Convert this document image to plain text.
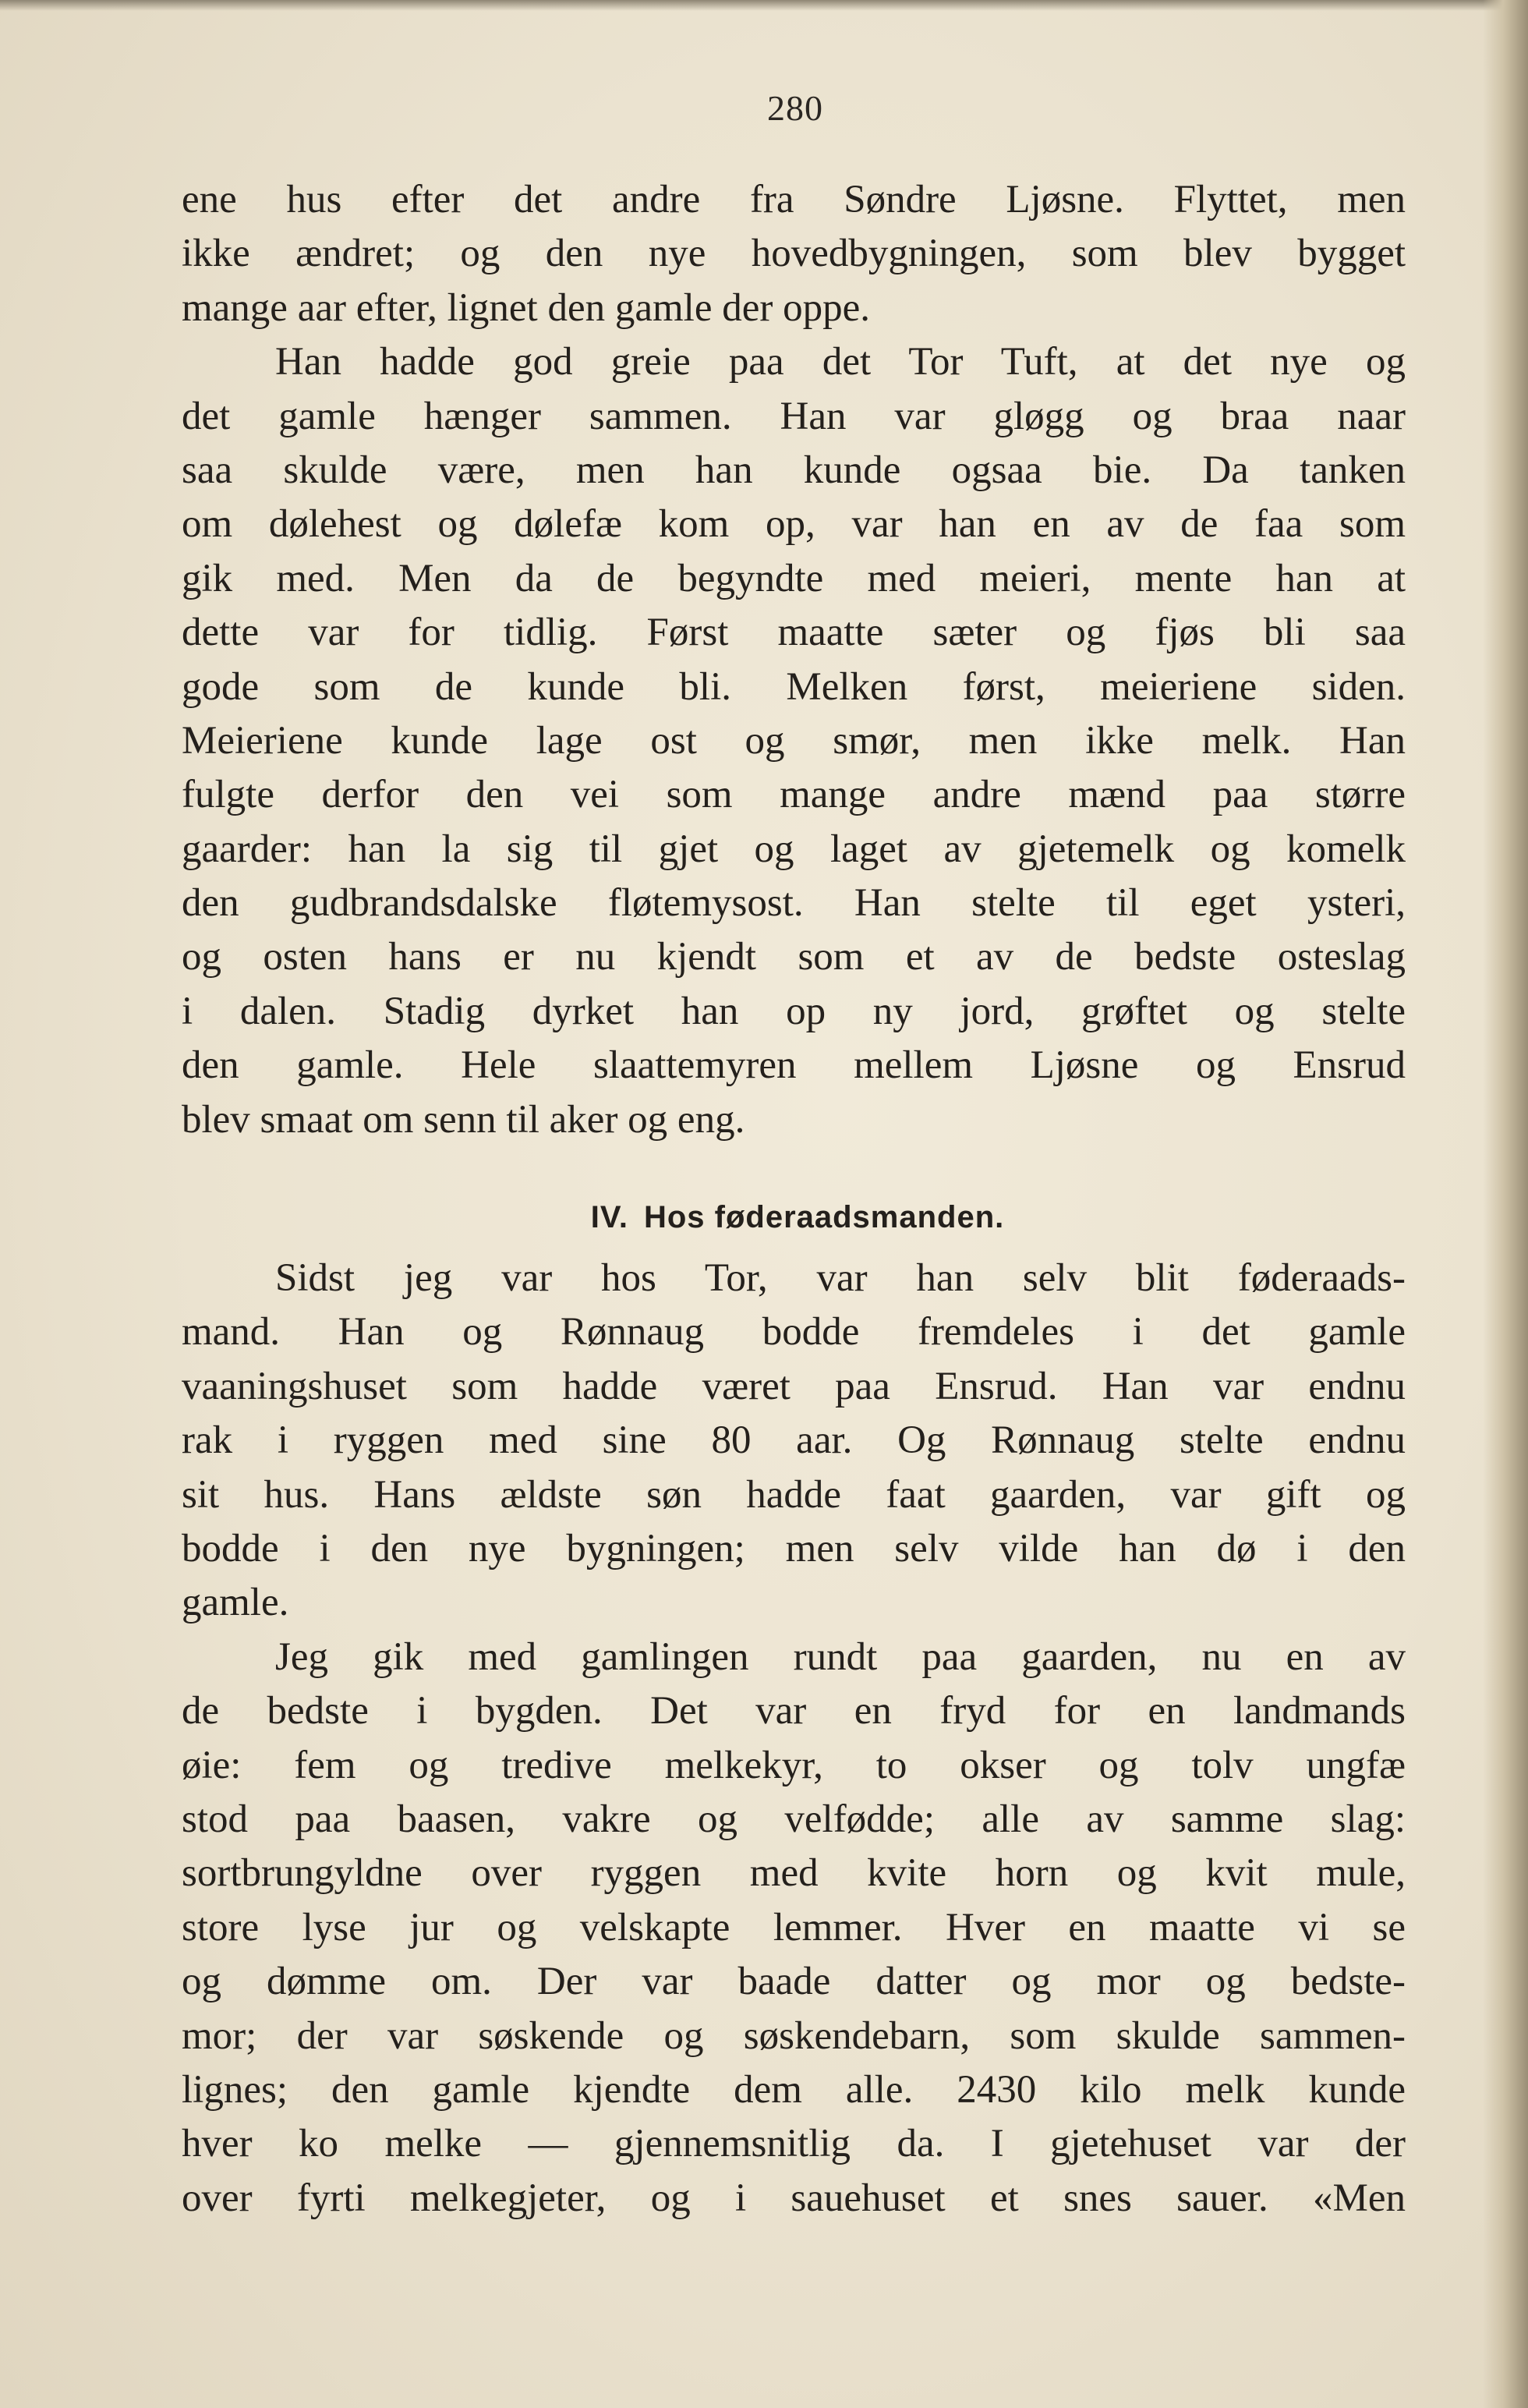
280
ene hus efter det andre fra Søndre Ljøsne. Flyttet, men
ikke ændret; og den nye hovedbygningen, som blev bygget
mange aar efter, lignet den gamle der oppe.
Han hadde god greie paa det Tor Tuft, at det nye og
det gamle hænger sammen. Han var gløgg og braa naar
saa skulde være, men han kunde ogsaa bie. Da tanken
om dølehest og dølefæ kom op, var han en av de faa som
gik med. Men da de begyndte med meieri, mente han at
dette var for tidlig. Først maatte sæter og fjøs bli saa
gode som de kunde bli. Melken først, meieriene siden.
Meieriene kunde lage ost og smør, men ikke melk. Han
fulgte derfor den vei som mange andre mænd paa større
gaarder: han la sig til gjet og laget av gjetemelk og komelk
den gudbrandsdalske fløtemysost. Han stelte til eget ysteri,
og osten hans er nu kjendt som et av de bedste osteslag
i dalen. Stadig dyrket han op ny jord, grøftet og stelte
den gamle. Hele slaattemyren mellem Ljøsne og Ensrud
blev smaat om senn til aker og eng.
IV. Hos føderaadsmanden.
Sidst jeg var hos Tor, var han selv blit føderaads-
mand. Han og Rønnaug bodde fremdeles i det gamle
vaaningshuset som hadde været paa Ensrud. Han var endnu
rak i ryggen med sine 80 aar. Og Rønnaug stelte endnu
sit hus. Hans ældste søn hadde faat gaarden, var gift og
bodde i den nye bygningen; men selv vilde han dø i den
gamle.
Jeg gik med gamlingen rundt paa gaarden, nu en av
de bedste i bygden. Det var en fryd for en landmands
øie: fem og tredive melkekyr, to okser og tolv ungfæ
stod paa baasen, vakre og velfødde; alle av samme slag:
sortbrungyldne over ryggen med kvite horn og kvit mule,
store lyse jur og velskapte lemmer. Hver en maatte vi se
og dømme om. Der var baade datter og mor og bedste-
mor; der var søskende og søskendebarn, som skulde sammen-
lignes; den gamle kjendte dem alle. 2430 kilo melk kunde
hver ko melke — gjennemsnitlig da. I gjetehuset var der
over fyrti melkegjeter, og i sauehuset et snes sauer. «Men
